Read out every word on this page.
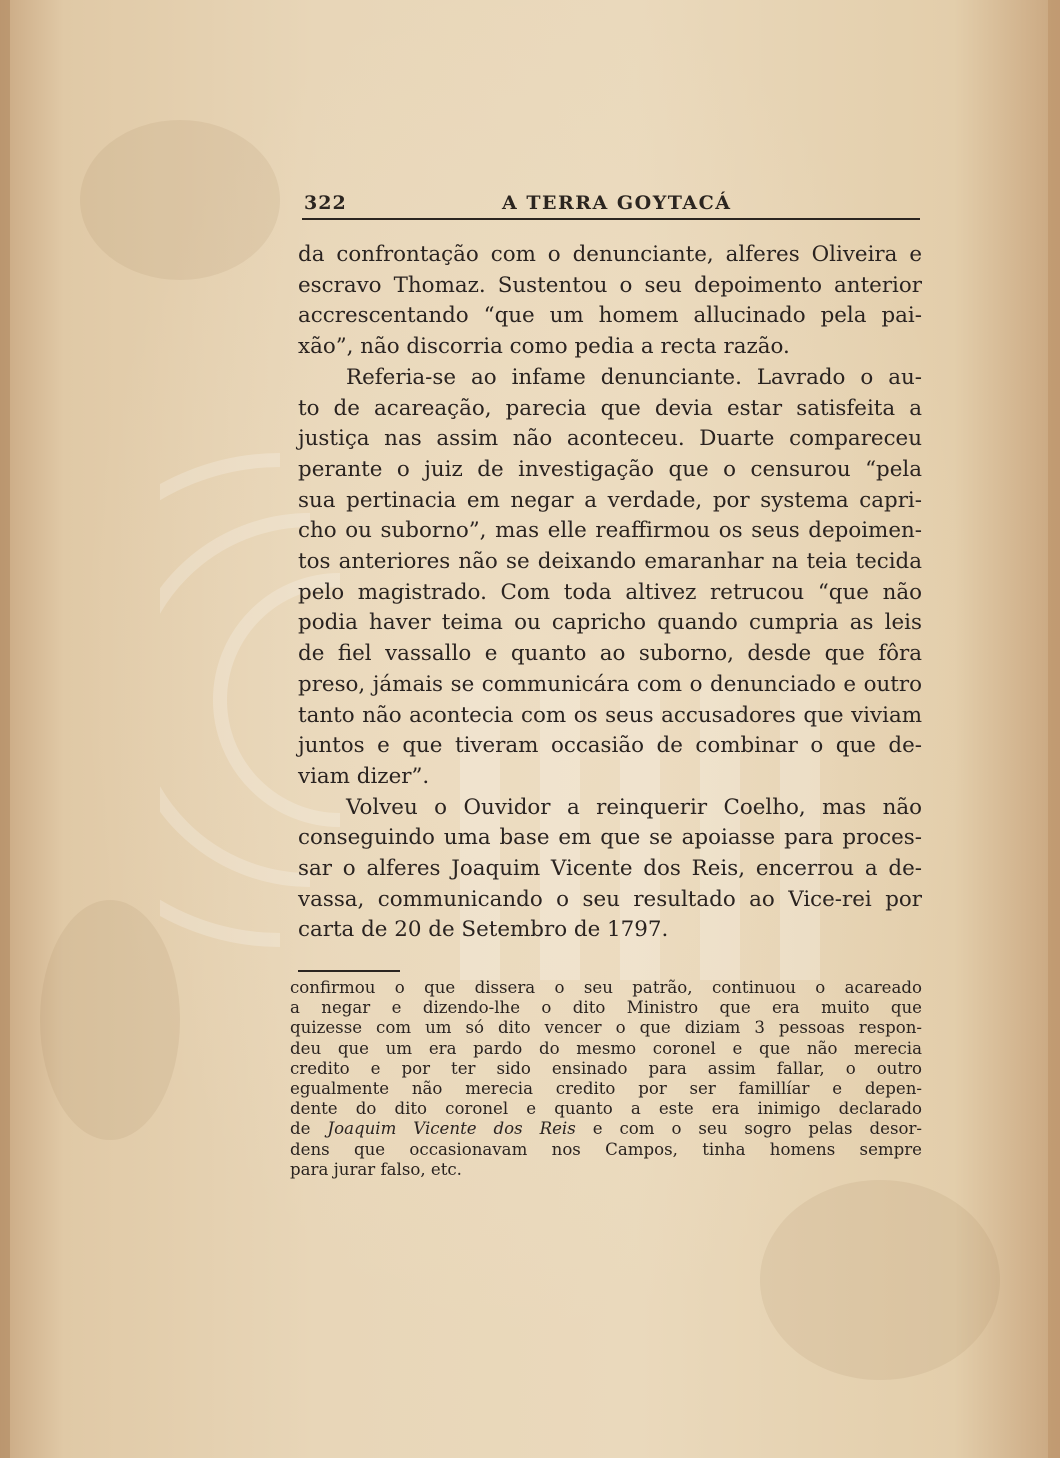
322	A TERRA GOYTACÁ
da confrontação com o denunciante, alferes Oliveira e
escravo Thomaz. Sustentou o seu depoimento anterior
accrescentando “que um homem allucinado pela pai-
xão”, não discorria como pedia a recta razão.
Referia-se ao infame denunciante. Lavrado o au-
to de acareação, parecia que devia estar satisfeita a
justiça nas assim não aconteceu. Duarte compareceu
perante o juiz de investigação que o censurou “pela
sua pertinacia em negar a verdade, por systema capri-
cho ou suborno”, mas elle reaffirmou os seus depoimen-
tos anteriores não se deixando emaranhar na teia tecida
pelo magistrado. Com toda altivez retrucou “que não
podia haver teima ou capricho quando cumpria as leis
de fiel vassallo e quanto ao suborno, desde que fôra
preso, jámais se communicára com o denunciado e outro
tanto não acontecia com os seus accusadores que viviam
juntos e que tiveram occasião de combinar o que de-
viam dizer”.
Volveu o Ouvidor a reinquerir Coelho, mas não
conseguindo uma base em que se apoiasse para proces-
sar o alferes Joaquim Vicente dos Reis, encerrou a de-
vassa, communicando o seu resultado ao Vice-rei por
carta de 20 de Setembro de 1797.
confirmou o que dissera o seu patrão, continuou o acareado
a negar e dizendo-lhe o dito Ministro que era muito que
quizesse com um só dito vencer o que diziam 3 pessoas respon-
deu que um era pardo do mesmo coronel e que não merecia
credito e por ter sido ensinado para assim fallar, o outro
egualmente não merecia credito por ser famillíar e depen-
dente do dito coronel e quanto a este era inimigo declarado
de Joaquim Vicente dos Reis e com o seu sogro pelas desor-
dens que occasionavam nos Campos, tinha homens sempre
para jurar falso, etc.
